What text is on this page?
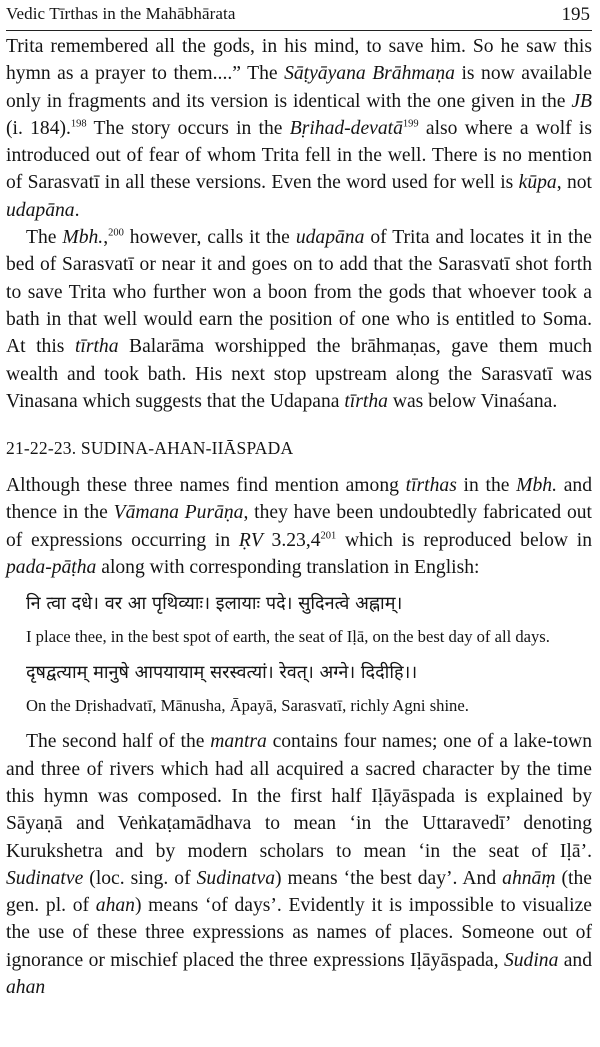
Vedic Tīrthas in the Mahābhārata	195

Trita remembered all the gods, in his mind, to save him. So he saw this hymn as a prayer to them....” The Sāṭyāyana Brāhmaṇa is now available only in fragments and its version is identical with the one given in the JB (i. 184).$^{198}$ The story occurs in the Bṛihad-devatā$^{199}$ also where a wolf is introduced out of fear of whom Trita fell in the well. There is no mention of Sarasvatī in all these versions. Even the word used for well is kūpa, not udapāna.

The Mbh.,$^{200}$ however, calls it the udapāna of Trita and locates it in the bed of Sarasvatī or near it and goes on to add that the Sarasvatī shot forth to save Trita who further won a boon from the gods that whoever took a bath in that well would earn the position of one who is entitled to Soma. At this tīrtha Balarāma worshipped the brāhmaṇas, gave them much wealth and took bath. His next stop upstream along the Sarasvatī was Vinasana which suggests that the Udapana tīrtha was below Vinaśana.

21-22-23. SUDINA-AHAN-IIĀSPADA

Although these three names find mention among tīrthas in the Mbh. and thence in the Vāmana Purāṇa, they have been undoubtedly fabricated out of expressions occurring in ṚV 3.23,4$^{201}$ which is reproduced below in pada-pāṭha along with corresponding translation in English:

नि त्वा दधे। वर आ पृथिव्याः। इलायाः पदे। सुदिनत्वे अह्नाम्।

I place thee, in the best spot of earth, the seat of Iḷā, on the best day of all days.

दृषद्वत्याम् मानुषे आपयायाम् सरस्वत्यां। रेवत्। अग्ने। दिदीहि।।

On the Dṛishadvatī, Mānusha, Āpayā, Sarasvatī, richly Agni shine.

The second half of the mantra contains four names; one of a lake-town and three of rivers which had all acquired a sacred character by the time this hymn was composed. In the first half Iḷāyāspada is explained by Sāyaṇā and Veṅkaṭamādhava to mean ‘in the Uttaravedī’ denoting Kurukshetra and by modern scholars to mean ‘in the seat of Iḷā’. Sudinatve (loc. sing. of Sudinatva) means ‘the best day’. And ahnāṃ (the gen. pl. of ahan) means ‘of days’. Evidently it is impossible to visualize the use of these three expressions as names of places. Someone out of ignorance or mischief placed the three expressions Iḷāyāspada, Sudina and ahan
